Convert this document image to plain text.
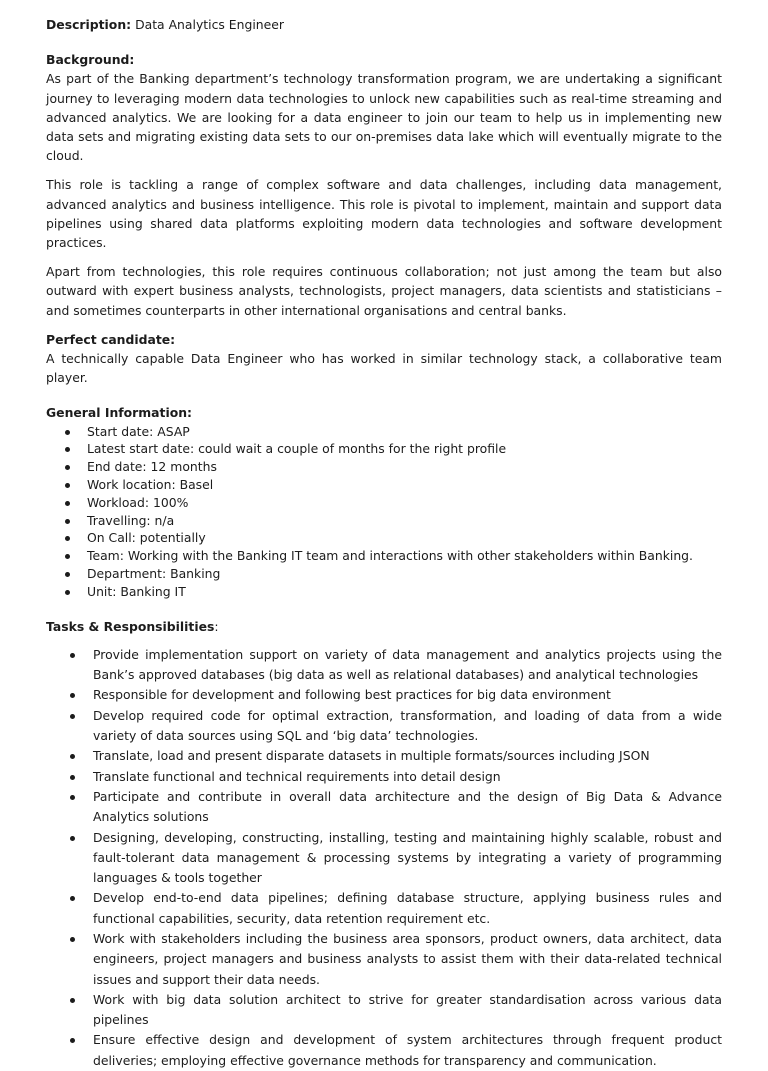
Description: Data Analytics Engineer

Background:

As part of the Banking department’s technology transformation program, we are undertaking a significant journey to leveraging modern data technologies to unlock new capabilities such as real-time streaming and advanced analytics. We are looking for a data engineer to join our team to help us in implementing new data sets and migrating existing data sets to our on-premises data lake which will eventually migrate to the cloud.

This role is tackling a range of complex software and data challenges, including data management, advanced analytics and business intelligence. This role is pivotal to implement, maintain and support data pipelines using shared data platforms exploiting modern data technologies and software development practices.

Apart from technologies, this role requires continuous collaboration; not just among the team but also outward with expert business analysts, technologists, project managers, data scientists and statisticians – and sometimes counterparts in other international organisations and central banks.

Perfect candidate:

A technically capable Data Engineer who has worked in similar technology stack, a collaborative team player.

General Information:

Start date: ASAP
Latest start date: could wait a couple of months for the right profile
End date: 12 months
Work location: Basel
Workload: 100%
Travelling: n/a
On Call: potentially
Team: Working with the Banking IT team and interactions with other stakeholders within Banking.
Department: Banking
Unit: Banking IT

Tasks & Responsibilities:

Provide implementation support on variety of data management and analytics projects using the Bank’s approved databases (big data as well as relational databases) and analytical technologies
Responsible for development and following best practices for big data environment
Develop required code for optimal extraction, transformation, and loading of data from a wide variety of data sources using SQL and ‘big data’ technologies.
Translate, load and present disparate datasets in multiple formats/sources including JSON
Translate functional and technical requirements into detail design
Participate and contribute in overall data architecture and the design of Big Data & Advance Analytics solutions
Designing, developing, constructing, installing, testing and maintaining highly scalable, robust and fault-tolerant data management & processing systems by integrating a variety of programming languages & tools together
Develop end-to-end data pipelines; defining database structure, applying business rules and functional capabilities, security, data retention requirement etc.
Work with stakeholders including the business area sponsors, product owners, data architect, data engineers, project managers and business analysts to assist them with their data-related technical issues and support their data needs.
Work with big data solution architect to strive for greater standardisation across various data pipelines
Ensure effective design and development of system architectures through frequent product deliveries; employing effective governance methods for transparency and communication.
